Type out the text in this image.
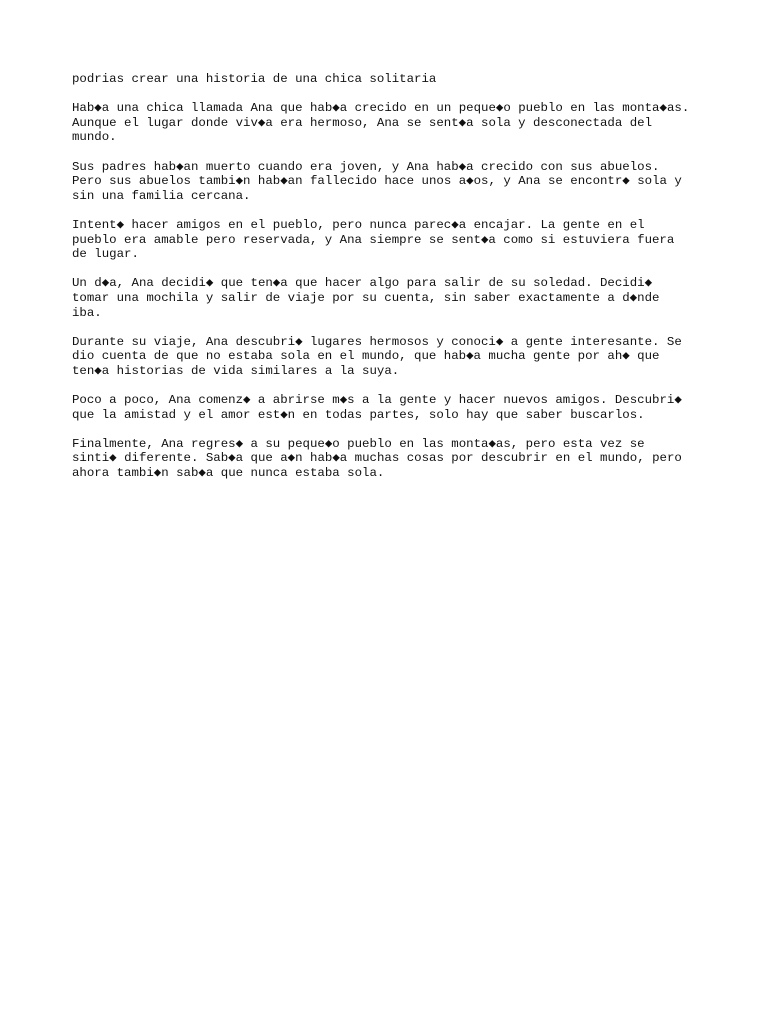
podrias crear una historia de una chica solitaria

Hab◆a una chica llamada Ana que hab◆a crecido en un peque◆o pueblo en las monta◆as.
Aunque el lugar donde viv◆a era hermoso, Ana se sent◆a sola y desconectada del
mundo.

Sus padres hab◆an muerto cuando era joven, y Ana hab◆a crecido con sus abuelos.
Pero sus abuelos tambi◆n hab◆an fallecido hace unos a◆os, y Ana se encontr◆ sola y
sin una familia cercana.

Intent◆ hacer amigos en el pueblo, pero nunca parec◆a encajar. La gente en el
pueblo era amable pero reservada, y Ana siempre se sent◆a como si estuviera fuera
de lugar.

Un d◆a, Ana decidi◆ que ten◆a que hacer algo para salir de su soledad. Decidi◆
tomar una mochila y salir de viaje por su cuenta, sin saber exactamente a d◆nde
iba.

Durante su viaje, Ana descubri◆ lugares hermosos y conoci◆ a gente interesante. Se
dio cuenta de que no estaba sola en el mundo, que hab◆a mucha gente por ah◆ que
ten◆a historias de vida similares a la suya.

Poco a poco, Ana comenz◆ a abrirse m◆s a la gente y hacer nuevos amigos. Descubri◆
que la amistad y el amor est◆n en todas partes, solo hay que saber buscarlos.

Finalmente, Ana regres◆ a su peque◆o pueblo en las monta◆as, pero esta vez se
sinti◆ diferente. Sab◆a que a◆n hab◆a muchas cosas por descubrir en el mundo, pero
ahora tambi◆n sab◆a que nunca estaba sola.
